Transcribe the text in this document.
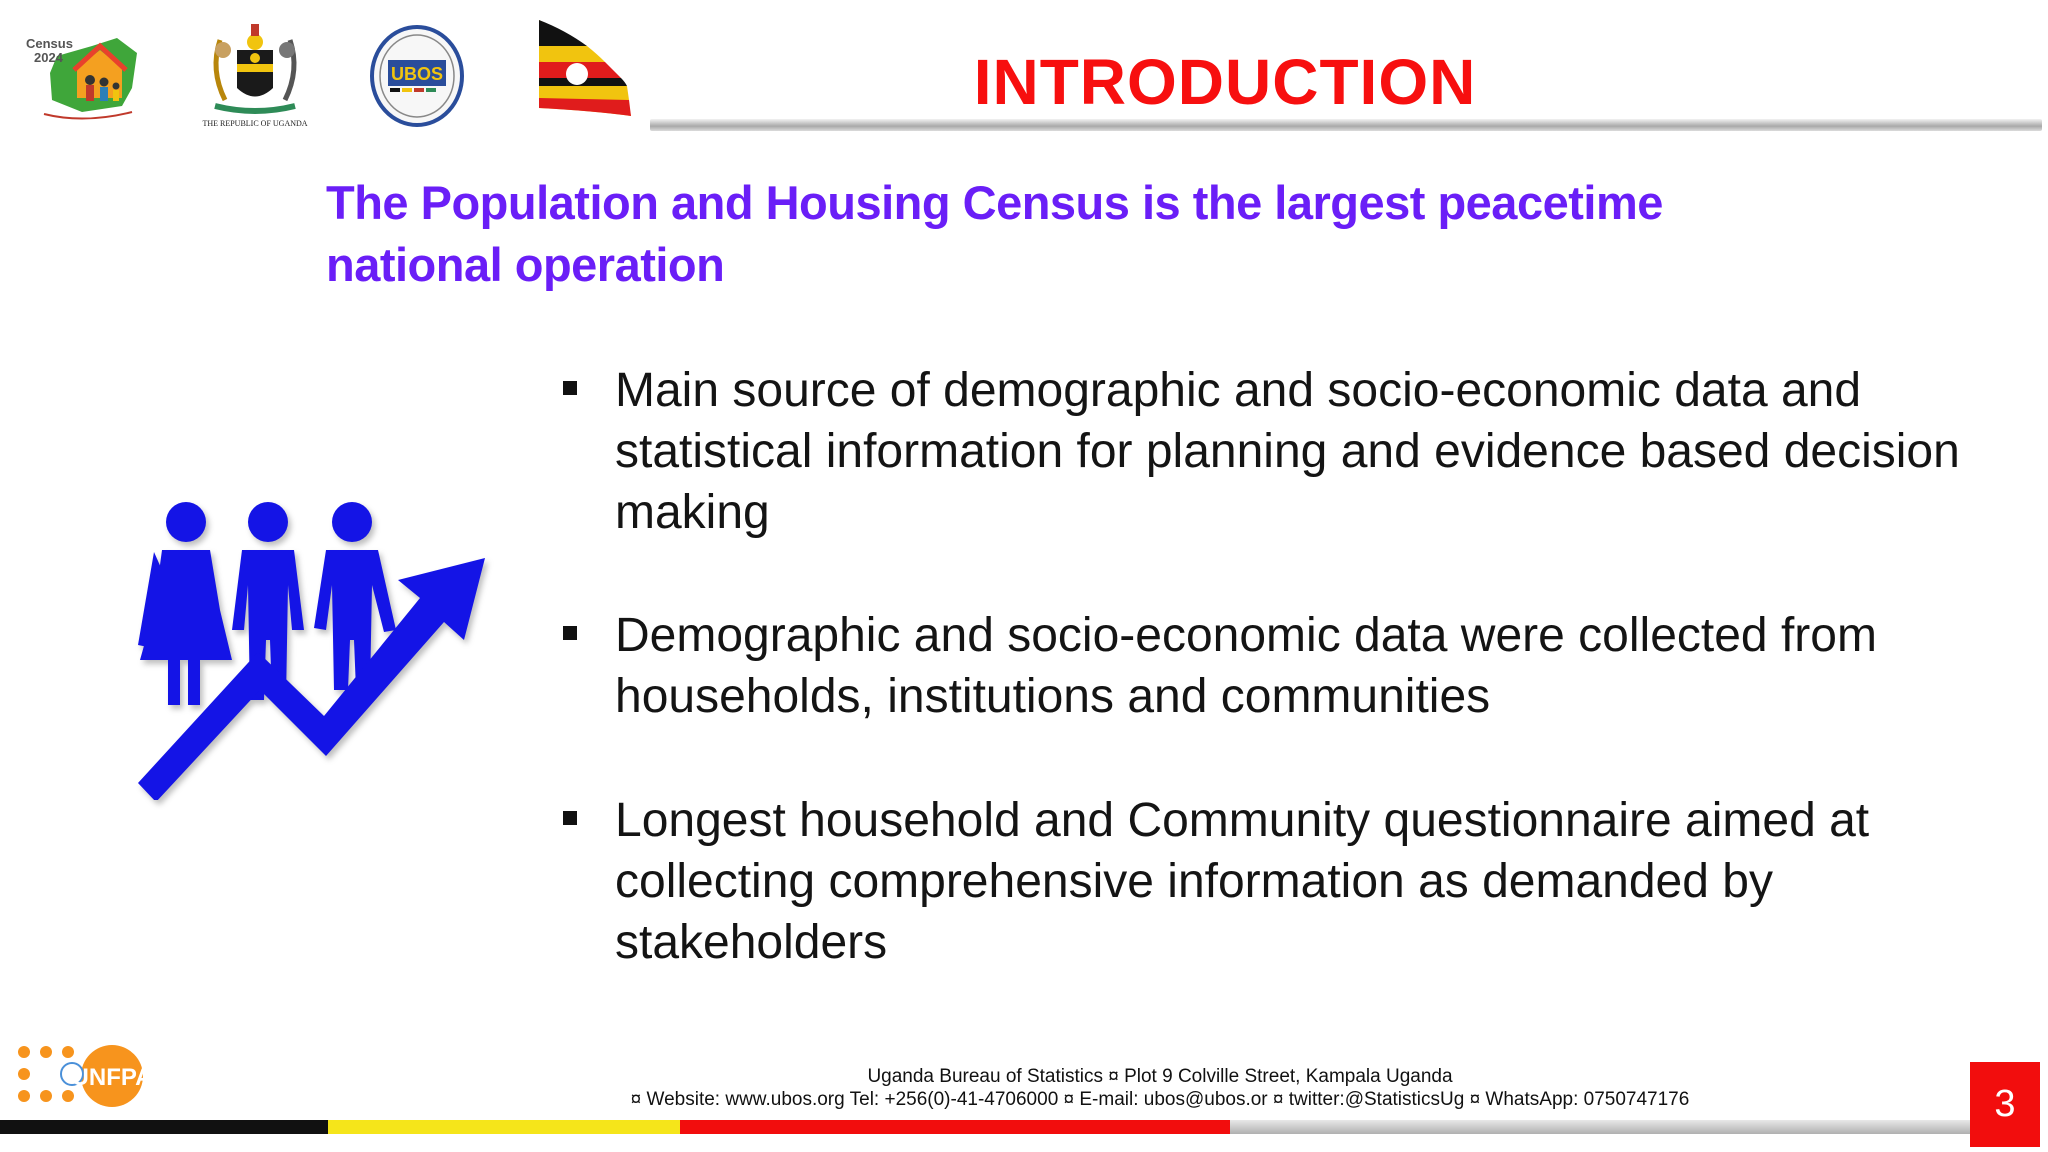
Census
2024
THE REPUBLIC OF UGANDA
UBOS	INTRODUCTION
The Population and Housing Census is the largest peacetime national operation
Main source of demographic and socio-economic data and statistical information for planning and evidence based decision making
Demographic and socio-economic data were collected from households, institutions and communities
Longest household and Community questionnaire aimed at collecting comprehensive information as demanded by stakeholders
UNFPA	Uganda Bureau of Statistics ¤ Plot 9 Colville Street, Kampala Uganda
¤ Website: www.ubos.org Tel: +256(0)-41-4706000 ¤ E-mail: ubos@ubos.or ¤ twitter:@StatisticsUg ¤ WhatsApp: 0750747176	3
